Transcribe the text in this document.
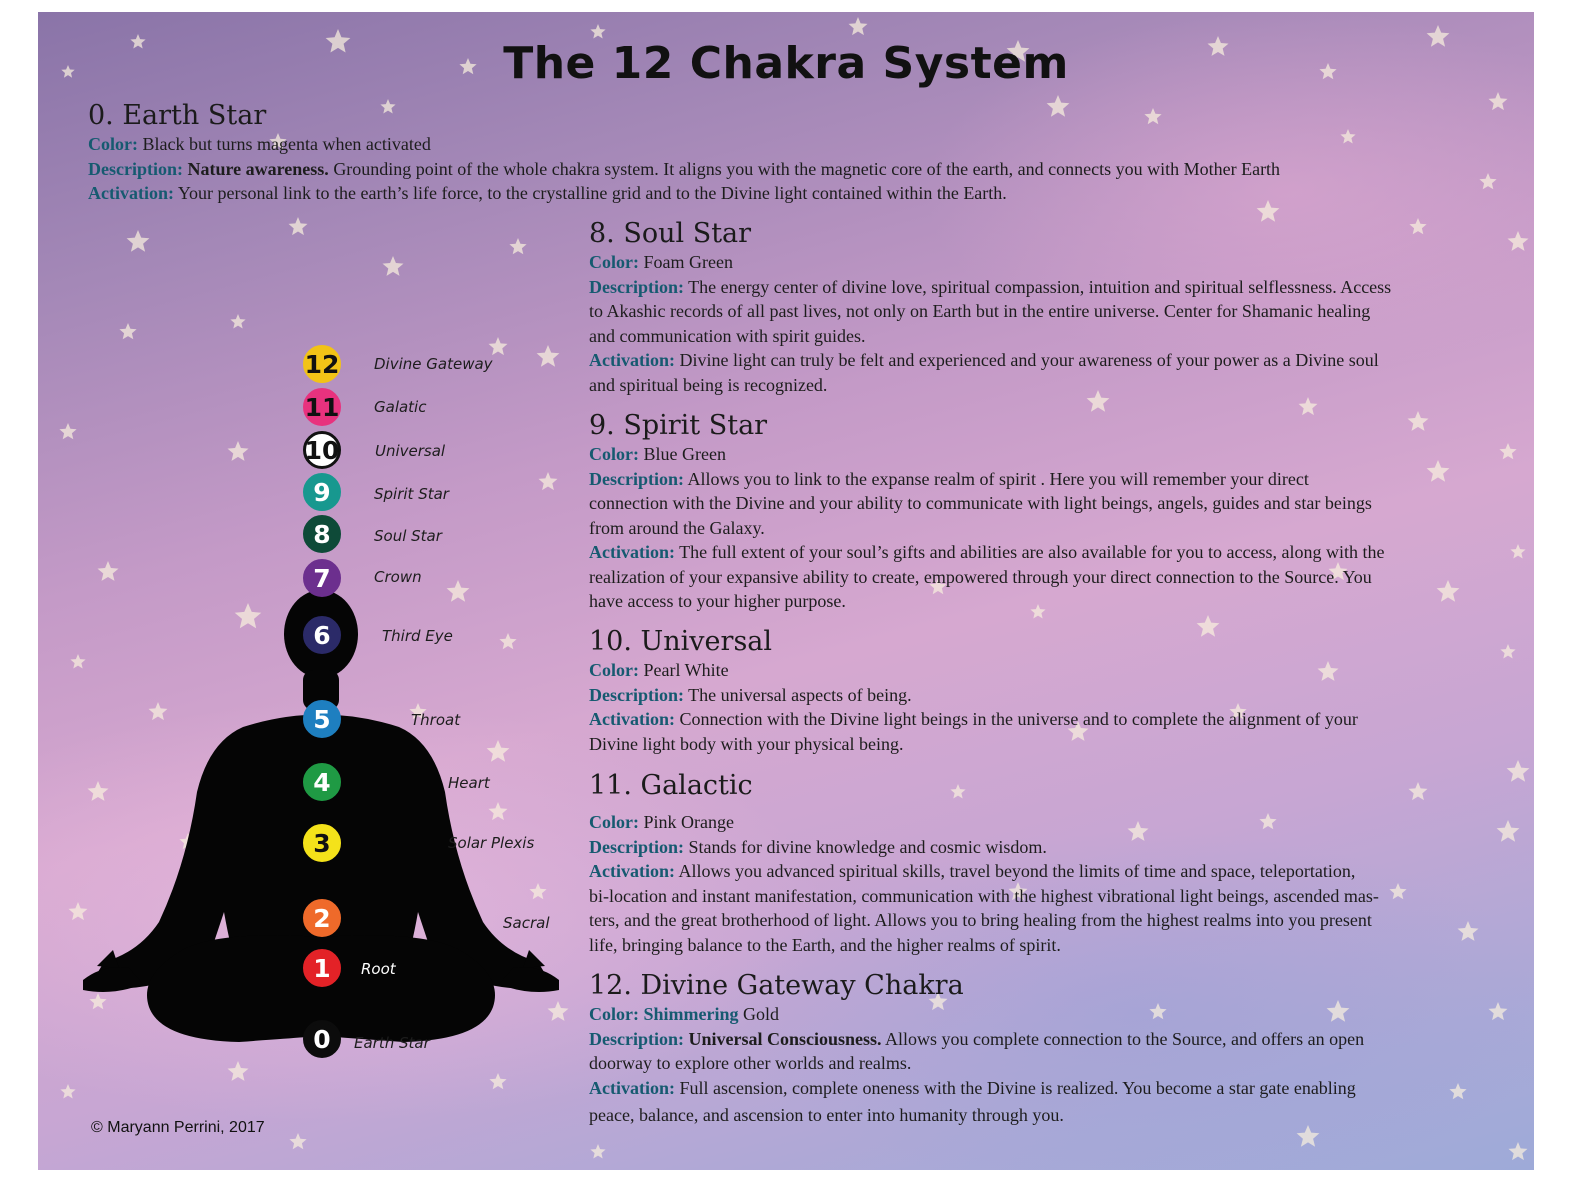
The 12 Chakra System

0. Earth Star

Color: Black but turns magenta when activated

Description: Nature awareness. Grounding point of the whole chakra system. It aligns you with the magnetic core of the earth, and connects you with Mother Earth

Activation: Your personal link to the earth’s life force, to the crystalline grid and to the Divine light contained within the Earth.

8. Soul Star

Color: Foam Green

Description: The energy center of divine love, spiritual compassion, intuition and spiritual selflessness. Access

to Akashic records of all past lives, not only on Earth but in the entire universe. Center for Shamanic healing

and communication with spirit guides.

Activation: Divine light can truly be felt and experienced and your awareness of your power as a Divine soul

and spiritual being is recognized.

9. Spirit Star

Color: Blue Green

Description: Allows you to link to the expanse realm of spirit . Here you will remember your direct

connection with the Divine and your ability to communicate with light beings, angels, guides and star beings

from around the Galaxy.

Activation: The full extent of your soul’s gifts and abilities are also available for you to access, along with the

realization of your expansive ability to create, empowered through your direct connection to the Source. You

have access to your higher purpose.

10. Universal

Color: Pearl White

Description: The universal aspects of being.

Activation: Connection with the Divine light beings in the universe and to complete the alignment of your

Divine light body with your physical being.

11. Galactic

Color: Pink Orange

Description: Stands for divine knowledge and cosmic wisdom.

Activation: Allows you advanced spiritual skills, travel beyond the limits of time and space, teleportation,

bi-location and instant manifestation, communication with the highest vibrational light beings, ascended mas-

ters, and the great brotherhood of light. Allows you to bring healing from the highest realms into you present

life, bringing balance to the Earth, and the higher realms of spirit.

12. Divine Gateway Chakra

Color: Shimmering Gold

Description: Universal Consciousness. Allows you complete connection to the Source, and offers an open

doorway to explore other worlds and realms.

Activation: Full ascension, complete oneness with the Divine is realized. You become a star gate enabling

peace, balance, and ascension to enter into humanity through you.

12 Divine Gateway
11 Galatic
10 Universal
9	Spirit Star
8	Soul Star
7	Crown
6	Third Eye
5	Throat
4	Heart
3	Solar Plexis
2	Sacral
1 Root
0 Earth Star
© Maryann Perrini, 2017
